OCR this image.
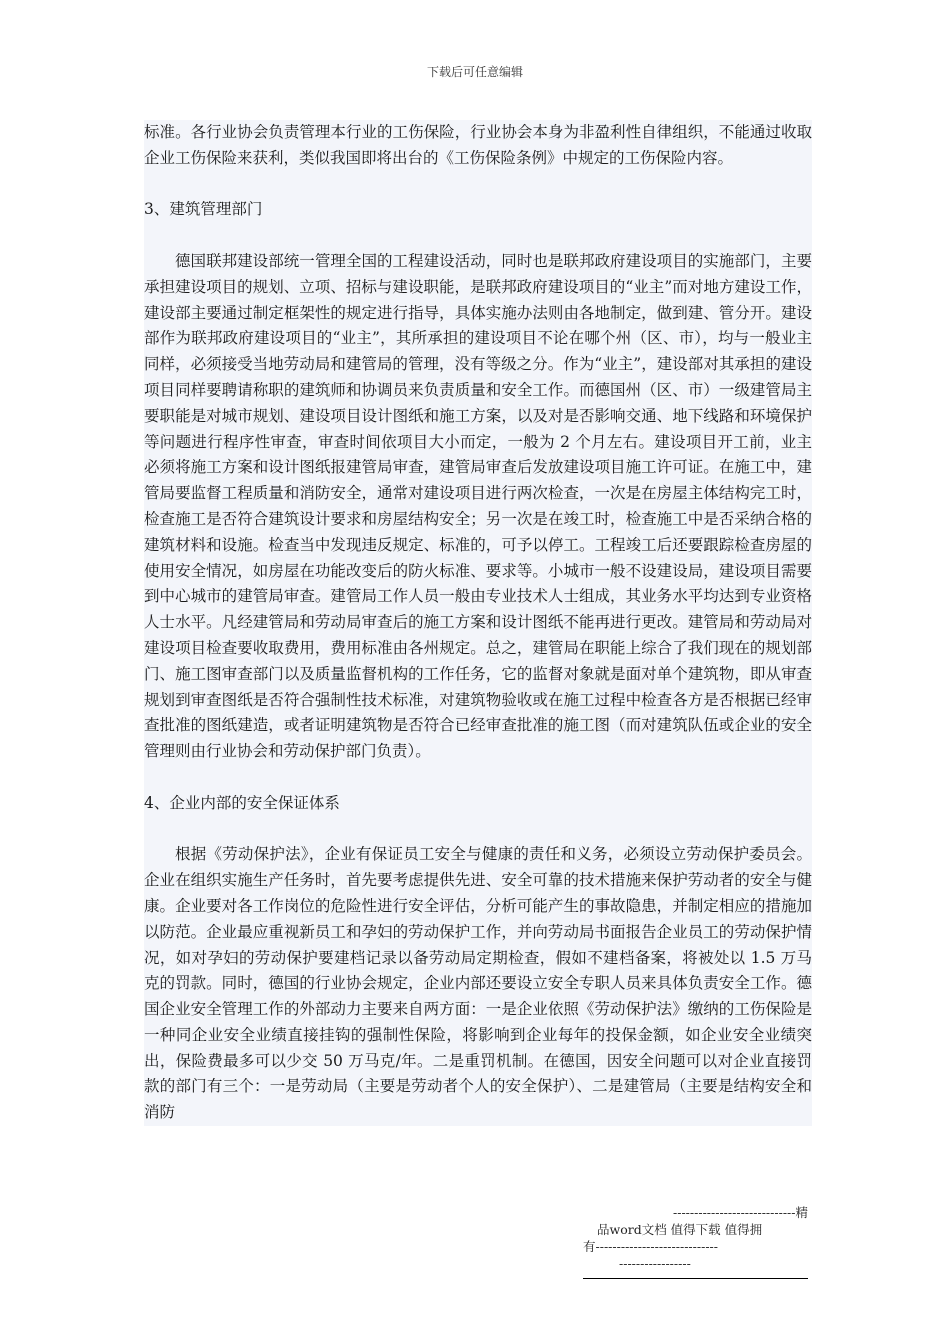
下载后可任意编辑

标准。各行业协会负责管理本行业的工伤保险，行业协会本身为非盈利性自律组织，不能通过收取企业工伤保险来获利，类似我国即将出台的《工伤保险条例》中规定的工伤保险内容。

3、建筑管理部门

德国联邦建设部统一管理全国的工程建设活动，同时也是联邦政府建设项目的实施部门，主要承担建设项目的规划、立项、招标与建设职能，是联邦政府建设项目的“业主”而对地方建设工作，建设部主要通过制定框架性的规定进行指导，具体实施办法则由各地制定，做到建、管分开。建设部作为联邦政府建设项目的“业主”，其所承担的建设项目不论在哪个州（区、市），均与一般业主同样，必须接受当地劳动局和建管局的管理，没有等级之分。作为“业主”，建设部对其承担的建设项目同样要聘请称职的建筑师和协调员来负责质量和安全工作。而德国州（区、市）一级建管局主要职能是对城市规划、建设项目设计图纸和施工方案，以及对是否影响交通、地下线路和环境保护等问题进行程序性审查，审查时间依项目大小而定，一般为 2 个月左右。建设项目开工前，业主必须将施工方案和设计图纸报建管局审查，建管局审查后发放建设项目施工许可证。在施工中，建管局要监督工程质量和消防安全，通常对建设项目进行两次检查，一次是在房屋主体结构完工时，检查施工是否符合建筑设计要求和房屋结构安全；另一次是在竣工时，检查施工中是否采纳合格的建筑材料和设施。检查当中发现违反规定、标准的，可予以停工。工程竣工后还要跟踪检查房屋的使用安全情况，如房屋在功能改变后的防火标准、要求等。小城市一般不设建设局，建设项目需要到中心城市的建管局审查。建管局工作人员一般由专业技术人士组成，其业务水平均达到专业资格人士水平。凡经建管局和劳动局审查后的施工方案和设计图纸不能再进行更改。建管局和劳动局对建设项目检查要收取费用，费用标准由各州规定。总之，建管局在职能上综合了我们现在的规划部门、施工图审查部门以及质量监督机构的工作任务，它的监督对象就是面对单个建筑物，即从审查规划到审查图纸是否符合强制性技术标准，对建筑物验收或在施工过程中检查各方是否根据已经审查批准的图纸建造，或者证明建筑物是否符合已经审查批准的施工图（而对建筑队伍或企业的安全管理则由行业协会和劳动保护部门负责）。

4、企业内部的安全保证体系

根据《劳动保护法》，企业有保证员工安全与健康的责任和义务，必须设立劳动保护委员会。企业在组织实施生产任务时，首先要考虑提供先进、安全可靠的技术措施来保护劳动者的安全与健康。企业要对各工作岗位的危险性进行安全评估，分析可能产生的事故隐患，并制定相应的措施加以防范。企业最应重视新员工和孕妇的劳动保护工作，并向劳动局书面报告企业员工的劳动保护情况，如对孕妇的劳动保护要建档记录以备劳动局定期检查，假如不建档备案，将被处以 1.5 万马克的罚款。同时，德国的行业协会规定，企业内部还要设立安全专职人员来具体负责安全工作。德国企业安全管理工作的外部动力主要来自两方面：一是企业依照《劳动保护法》缴纳的工伤保险是一种同企业安全业绩直接挂钩的强制性保险，将影响到企业每年的投保金额，如企业安全业绩突出，保险费最多可以少交 50 万马克/年。二是重罚机制。在德国，因安全问题可以对企业直接罚款的部门有三个：一是劳动局（主要是劳动者个人的安全保护）、二是建管局（主要是结构安全和消防

-----------------------------精
品word文档 值得下载 值得拥
有-----------------------------
-----------------
